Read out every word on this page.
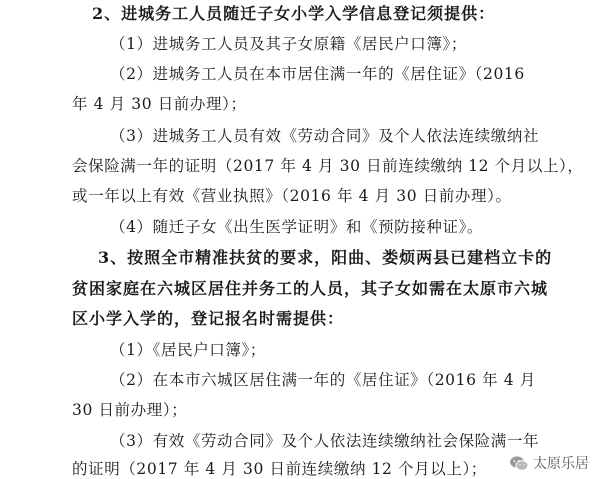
2、进城务工人员随迁子女小学入学信息登记须提供：
（1）进城务工人员及其子女原籍《居民户口簿》；
（2）进城务工人员在本市居住满一年的《居住证》（2016
年 4 月 30 日前办理）；
（3）进城务工人员有效《劳动合同》及个人依法连续缴纳社
会保险满一年的证明（2017 年 4 月 30 日前连续缴纳 12 个月以上），
或一年以上有效《营业执照》（2016 年 4 月 30 日前办理）。
（4）随迁子女《出生医学证明》和《预防接种证》。
3、按照全市精准扶贫的要求，阳曲、娄烦两县已建档立卡的
贫困家庭在六城区居住并务工的人员，其子女如需在太原市六城
区小学入学的，登记报名时需提供：
（1）《居民户口簿》；
（2）在本市六城区居住满一年的《居住证》（2016 年 4 月
30 日前办理）；
（3）有效《劳动合同》及个人依法连续缴纳社会保险满一年
的证明（2017 年 4 月 30 日前连续缴纳 12 个月以上）；	太原乐居
